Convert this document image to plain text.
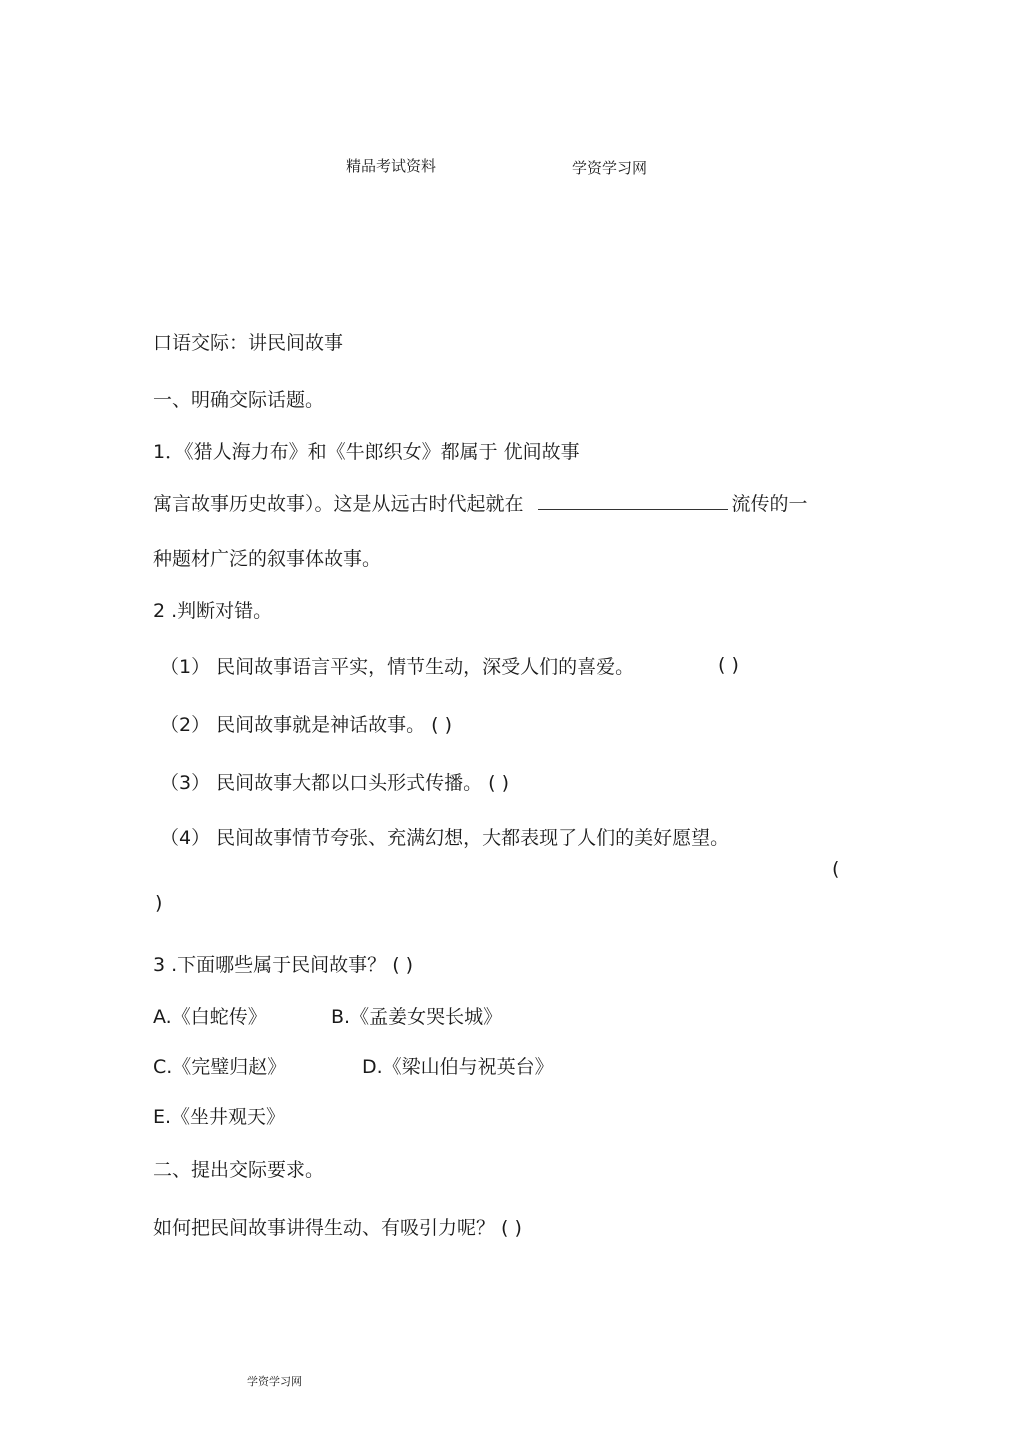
精品考试资料	学资学习网
口语交际：讲民间故事
一、明确交际话题。
1．《猎人海力布》和《牛郎织女》都属于 优间故事
寓言故事历史故事）。这是从远古时代起就在	流传的一
种题材广泛的叙事体故事。
2 .判断对错。
（1） 民间故事语言平实，情节生动，深受人们的喜爱。	( )
（2） 民间故事就是神话故事。 ( )
（3） 民间故事大都以口头形式传播。 ( )
（4） 民间故事情节夸张、充满幻想，大都表现了人们的美好愿望。
(
)
3 .下面哪些属于民间故事？ ( )
A.《白蛇传》	B.《孟姜女哭长城》
C.《完璧归赵》	D.《梁山伯与祝英台》
E.《坐井观天》
二、提出交际要求。
如何把民间故事讲得生动、有吸引力呢？ ( )
学资学习网
